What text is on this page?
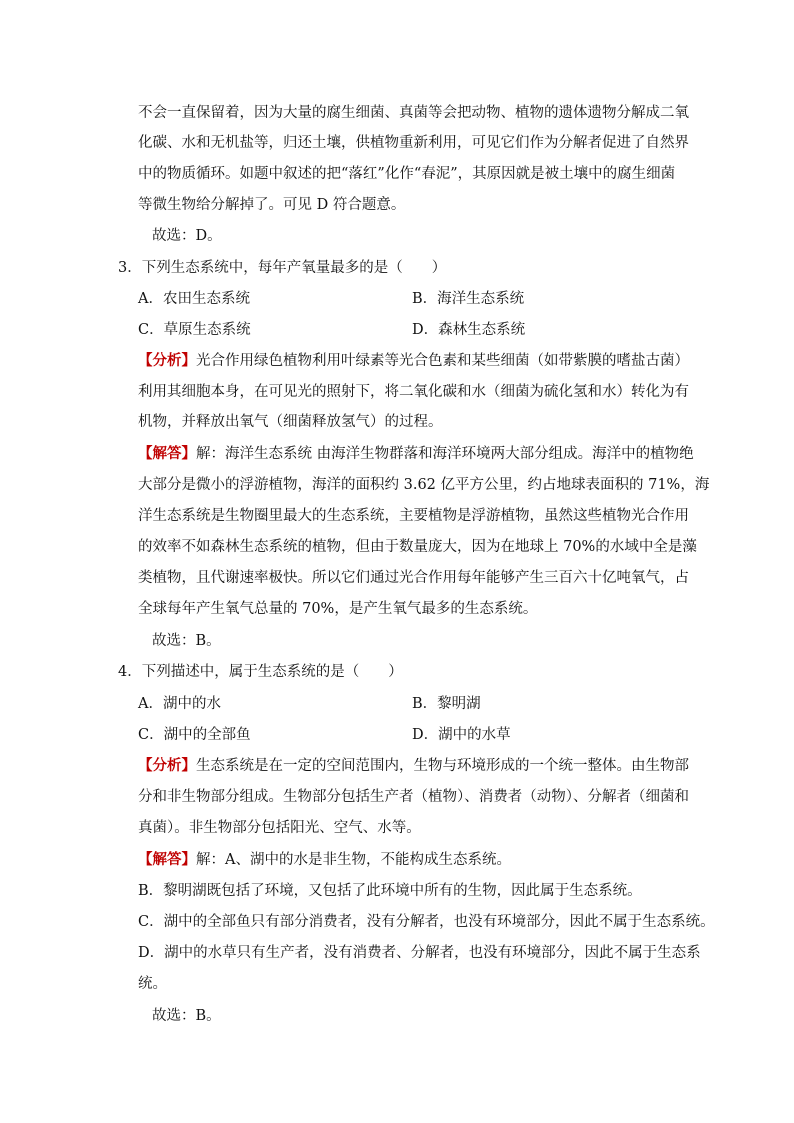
不会一直保留着，因为大量的腐生细菌、真菌等会把动物、植物的遗体遗物分解成二氧
化碳、水和无机盐等，归还土壤，供植物重新利用，可见它们作为分解者促进了自然界
中的物质循环。如题中叙述的把“落红”化作“春泥”，其原因就是被土壤中的腐生细菌
等微生物给分解掉了。可见 D 符合题意。
故选：D。
3．下列生态系统中，每年产氧量最多的是（　　）
A．农田生态系统	B．海洋生态系统
C．草原生态系统	D．森林生态系统
【分析】光合作用绿色植物利用叶绿素等光合色素和某些细菌（如带紫膜的嗜盐古菌）
利用其细胞本身，在可见光的照射下，将二氧化碳和水（细菌为硫化氢和水）转化为有
机物，并释放出氧气（细菌释放氢气）的过程。
【解答】解：海洋生态系统 由海洋生物群落和海洋环境两大部分组成。海洋中的植物绝
大部分是微小的浮游植物，海洋的面积约 3.62 亿平方公里，约占地球表面积的 71%，海
洋生态系统是生物圈里最大的生态系统，主要植物是浮游植物，虽然这些植物光合作用
的效率不如森林生态系统的植物，但由于数量庞大，因为在地球上 70%的水域中全是藻
类植物，且代谢速率极快。所以它们通过光合作用每年能够产生三百六十亿吨氧气，占
全球每年产生氧气总量的 70%，是产生氧气最多的生态系统。
故选：B。
4．下列描述中，属于生态系统的是（　　）
A．湖中的水	B．黎明湖
C．湖中的全部鱼	D．湖中的水草
【分析】生态系统是在一定的空间范围内，生物与环境形成的一个统一整体。由生物部
分和非生物部分组成。生物部分包括生产者（植物）、消费者（动物）、分解者（细菌和
真菌）。非生物部分包括阳光、空气、水等。
【解答】解：A、湖中的水是非生物，不能构成生态系统。
B．黎明湖既包括了环境，又包括了此环境中所有的生物，因此属于生态系统。
C．湖中的全部鱼只有部分消费者，没有分解者，也没有环境部分，因此不属于生态系统。
D．湖中的水草只有生产者，没有消费者、分解者，也没有环境部分，因此不属于生态系
统。
故选：B。
